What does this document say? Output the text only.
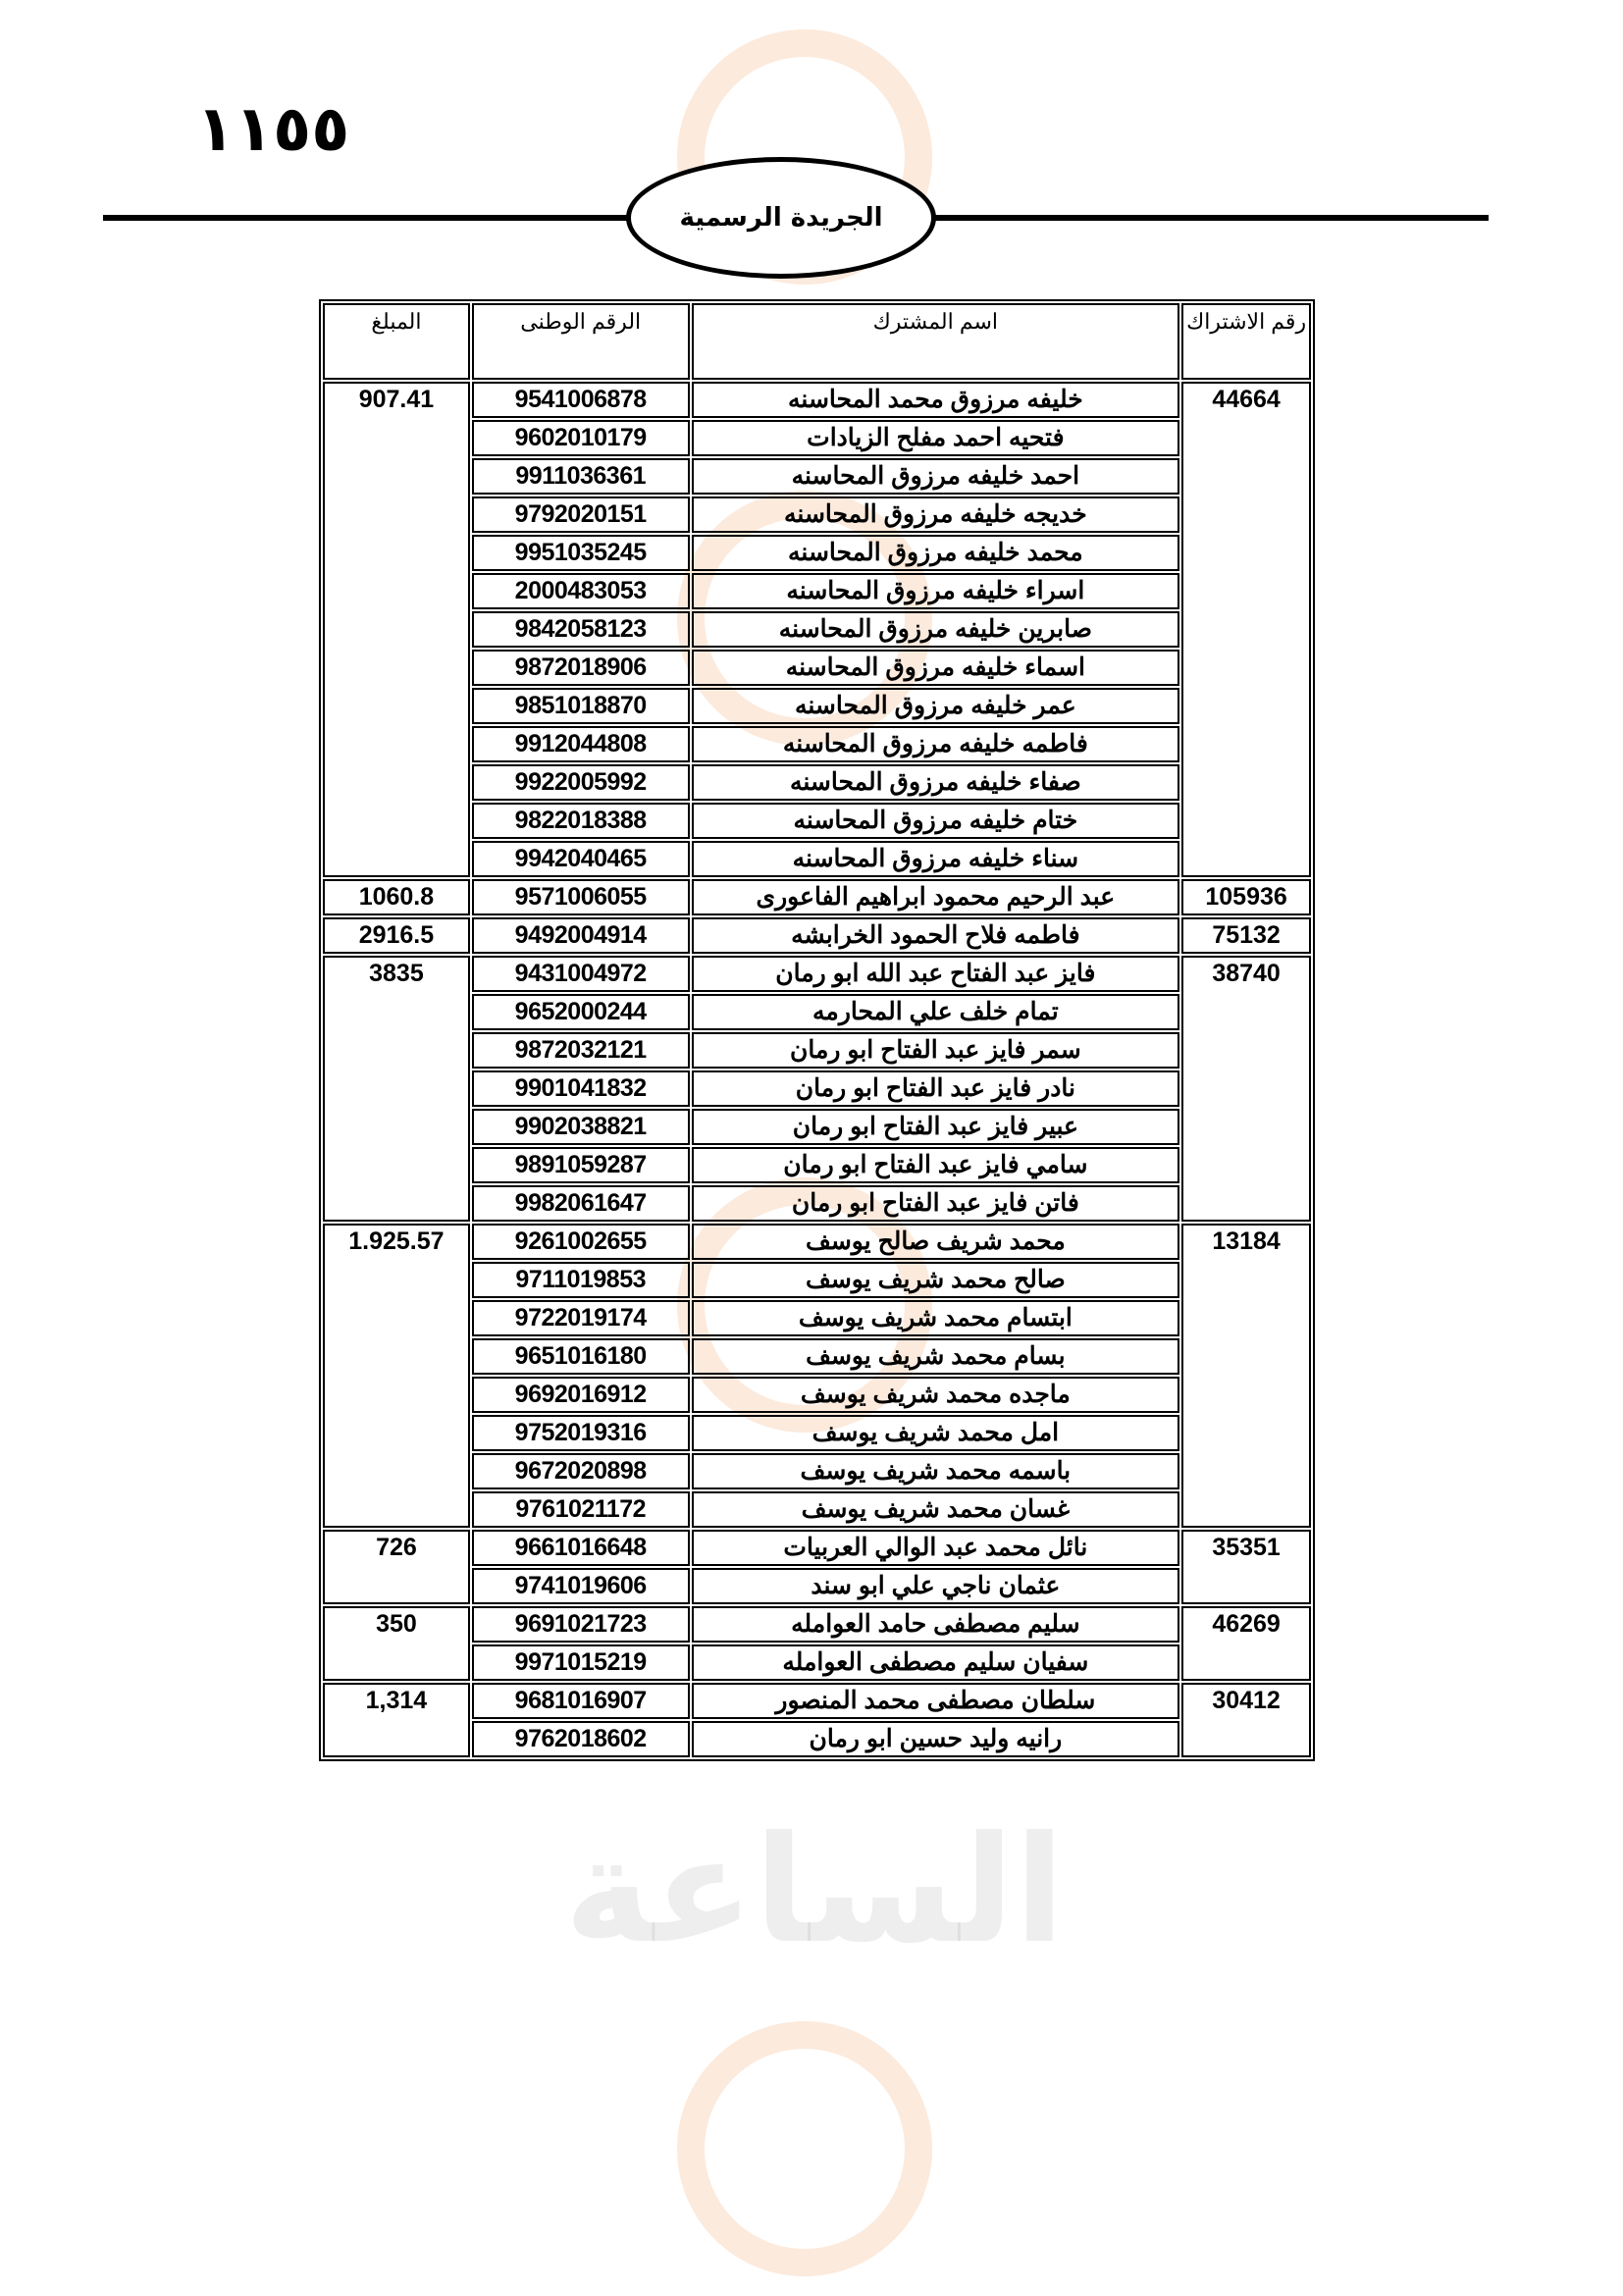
الساعة
١١٥٥
الجريدة الرسمية
رقم الاشتراك	اسم المشترك	الرقم الوطنى	المبلغ
44664	خليفه مرزوق محمد المحاسنه	9541006878	907.41
	فتحيه احمد مفلح الزيادات	9602010179	
	احمد خليفه مرزوق المحاسنه	9911036361	
	خديجه خليفه مرزوق المحاسنه	9792020151	
	محمد خليفه مرزوق المحاسنه	9951035245	
	اسراء خليفه مرزوق المحاسنه	2000483053	
	صابرين خليفه مرزوق المحاسنه	9842058123	
	اسماء خليفه مرزوق المحاسنه	9872018906	
	عمر خليفه مرزوق المحاسنه	9851018870	
	فاطمه خليفه مرزوق المحاسنه	9912044808	
	صفاء خليفه مرزوق المحاسنه	9922005992	
	ختام خليفه مرزوق المحاسنه	9822018388	
	سناء خليفه مرزوق المحاسنه	9942040465	
105936	عبد الرحيم محمود ابراهيم الفاعورى	9571006055	1060.8
75132	فاطمه فلاح الحمود الخرابشه	9492004914	2916.5
38740	فايز عبد الفتاح عبد الله ابو رمان	9431004972	3835
	تمام خلف علي المحارمه	9652000244	
	سمر فايز عبد الفتاح ابو رمان	9872032121	
	نادر فايز عبد الفتاح ابو رمان	9901041832	
	عبير فايز عبد الفتاح ابو رمان	9902038821	
	سامي فايز عبد الفتاح ابو رمان	9891059287	
	فاتن فايز عبد الفتاح ابو رمان	9982061647	
13184	محمد شريف صالح يوسف	9261002655	1.925.57
	صالح محمد شريف يوسف	9711019853	
	ابتسام محمد شريف يوسف	9722019174	
	بسام محمد شريف يوسف	9651016180	
	ماجده محمد شريف يوسف	9692016912	
	امل محمد شريف يوسف	9752019316	
	باسمه محمد شريف يوسف	9672020898	
	غسان محمد شريف يوسف	9761021172	
35351	نائل محمد عبد الوالي العربيات	9661016648	726
	عثمان ناجي علي ابو سند	9741019606	
46269	سليم مصطفى حامد العوامله	9691021723	350
	سفيان سليم مصطفى العوامله	9971015219	
30412	سلطان مصطفى محمد المنصور	9681016907	1,314
	رانيه وليد حسين ابو رمان	9762018602	
